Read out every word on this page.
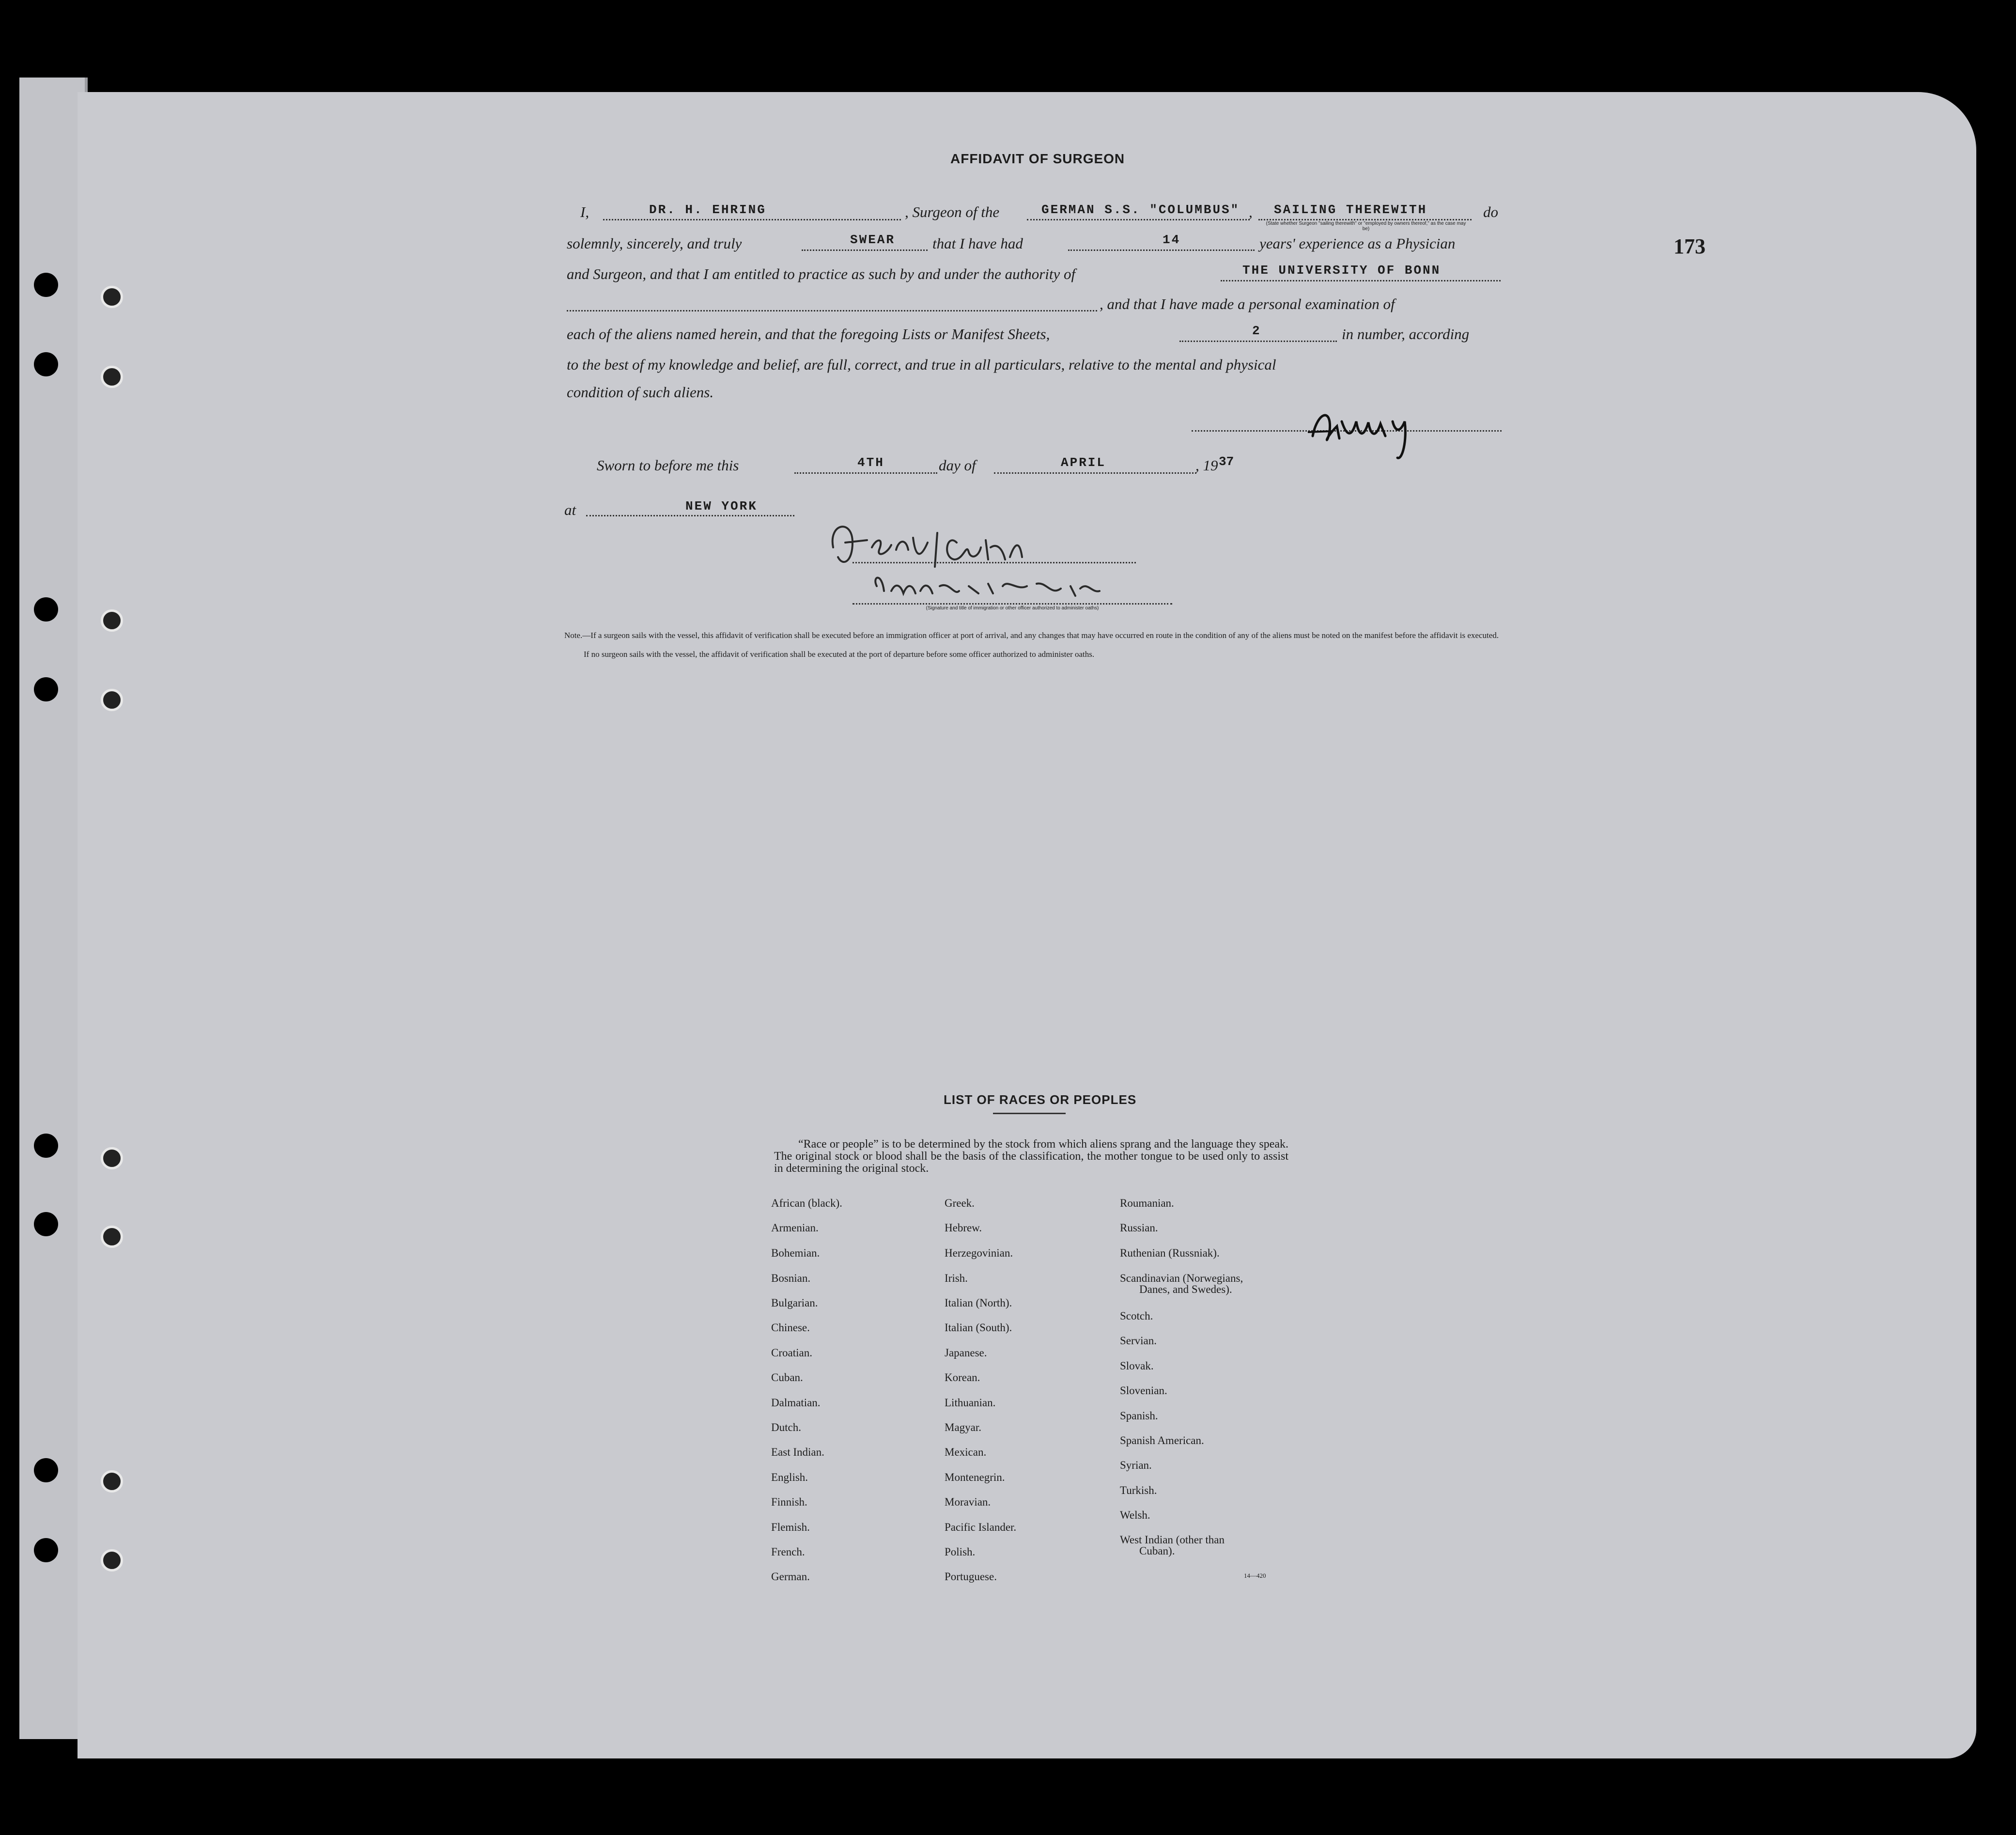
173
AFFIDAVIT OF SURGEON
I,	DR. H. EHRING	, Surgeon of the	GERMAN S.S. "COLUMBUS" , SAILING THEREWITH
(State whether Surgeon "sailing therewith" or "employed by owners thereof," as the case may be)
do
solemnly, sincerely, and truly	SWEAR that I have had	14	years' experience as a Physician
and Surgeon, and that I am entitled to practice as such by and under the authority of	THE UNIVERSITY OF BONN
, and that I have made a personal examination of
each of the aliens named herein, and that the foregoing Lists or Manifest Sheets,	2	in number, according
to the best of my knowledge and belief, are full, correct, and true in all particulars, relative to the mental and physical
condition of such aliens.
Sworn to before me this	4TH	day of	APRIL	, 19 37
at	NEW YORK
(Signature and title of immigration or other officer authorized to administer oaths)
Note.—If a surgeon sails with the vessel, this affidavit of verification shall be executed before an immigration officer at port of arrival, and any changes that may have occurred en route in the condition of any of the aliens must be noted on the manifest before the affidavit is executed.
If no surgeon sails with the vessel, the affidavit of verification shall be executed at the port of departure before some officer authorized to administer oaths.
LIST OF RACES OR PEOPLES
“Race or people” is to be determined by the stock from which aliens sprang and the language they speak. The original stock or blood shall be the basis of the classification, the mother tongue to be used only to assist in determining the original stock.
African (black).
Armenian.
Bohemian.
Bosnian.
Bulgarian.
Chinese.
Croatian.
Cuban.
Dalmatian.
Dutch.
East Indian.
English.
Finnish.
Flemish.
French.
German.
Greek.
Hebrew.
Herzegovinian.
Irish.
Italian (North).
Italian (South).
Japanese.
Korean.
Lithuanian.
Magyar.
Mexican.
Montenegrin.
Moravian.
Pacific Islander.
Polish.
Portuguese.
Roumanian.
Russian.
Ruthenian (Russniak).
Scandinavian (Norwegians,
Danes, and Swedes).
Scotch.
Servian.
Slovak.
Slovenian.
Spanish.
Spanish American.
Syrian.
Turkish.
Welsh.
West Indian (other than
Cuban).
14—420
